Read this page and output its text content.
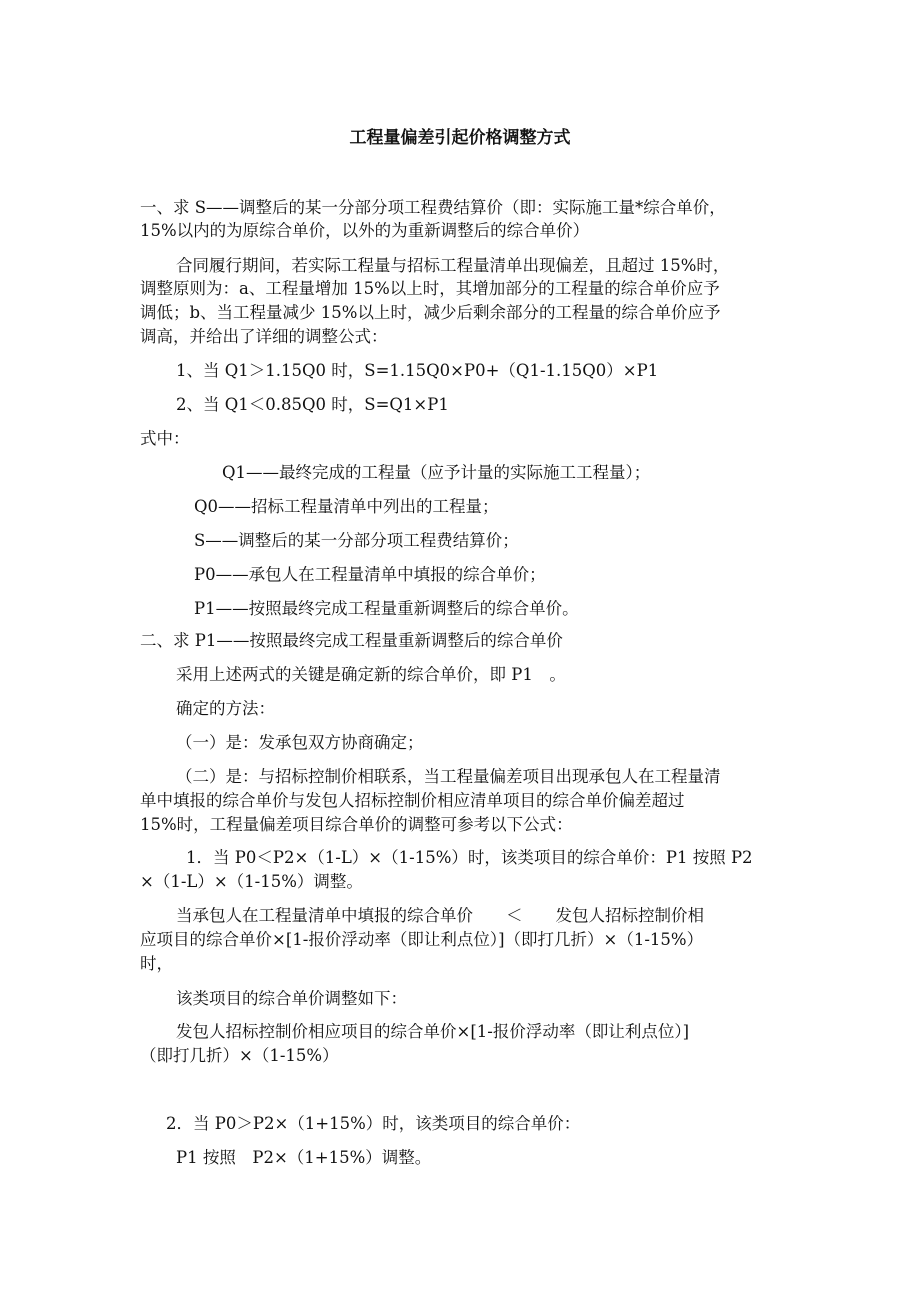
工程量偏差引起价格调整方式
一、求 S——调整后的某一分部分项工程费结算价（即：实际施工量*综合单价，
15%以内的为原综合单价，以外的为重新调整后的综合单价）
合同履行期间，若实际工程量与招标工程量清单出现偏差，且超过 15%时，
调整原则为：a、工程量增加 15%以上时，其增加部分的工程量的综合单价应予
调低；b、当工程量减少 15%以上时，减少后剩余部分的工程量的综合单价应予
调高，并给出了详细的调整公式：
1、当 Q1＞1.15Q0 时，S=1.15Q0×P0+（Q1-1.15Q0）×P1
2、当 Q1＜0.85Q0 时，S=Q1×P1
式中：
Q1——最终完成的工程量（应予计量的实际施工工程量）；
Q0——招标工程量清单中列出的工程量；
S——调整后的某一分部分项工程费结算价；
P0——承包人在工程量清单中填报的综合单价；
P1——按照最终完成工程量重新调整后的综合单价。
二、求 P1——按照最终完成工程量重新调整后的综合单价
采用上述两式的关键是确定新的综合单价，即 P1　。
确定的方法：
（一）是：发承包双方协商确定；
（二）是：与招标控制价相联系，当工程量偏差项目出现承包人在工程量清
单中填报的综合单价与发包人招标控制价相应清单项目的综合单价偏差超过
15%时，工程量偏差项目综合单价的调整可参考以下公式：
1．当 P0＜P2×（1-L）×（1-15%）时，该类项目的综合单价：P1 按照 P2
×（1-L）×（1-15%）调整。
当承包人在工程量清单中填报的综合单价　　＜　　发包人招标控制价相
应项目的综合单价×[1-报价浮动率（即让利点位）]（即打几折）×（1-15%）
时，
该类项目的综合单价调整如下：
发包人招标控制价相应项目的综合单价×[1-报价浮动率（即让利点位）]
（即打几折）×（1-15%）
2．当 P0＞P2×（1+15%）时，该类项目的综合单价：
P1 按照　P2×（1+15%）调整。
